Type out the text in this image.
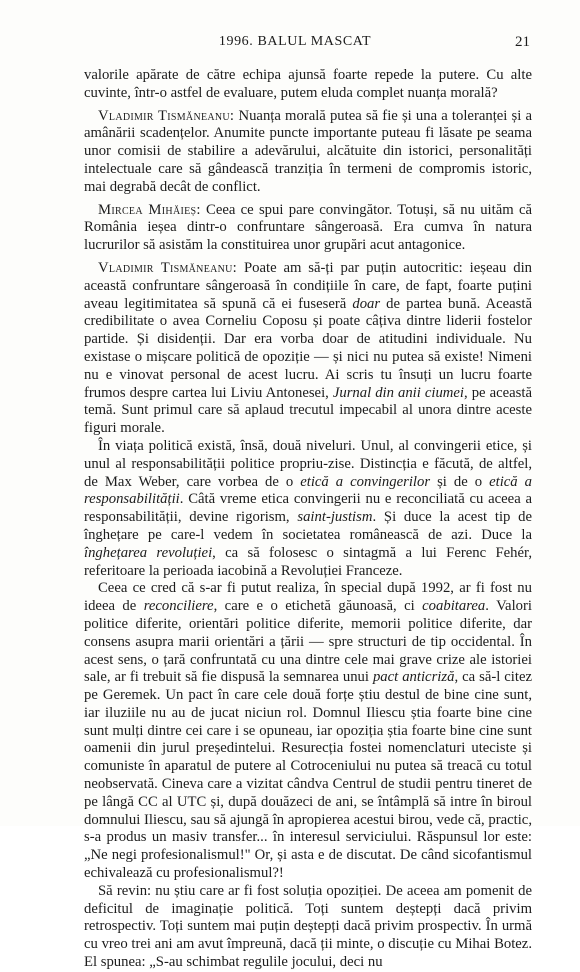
1996. BALUL MASCAT	21

valorile apărate de către echipa ajunsă foarte repede la putere. Cu alte cuvinte, într-o astfel de evaluare, putem eluda complet nuanța morală?

Vladimir Tismăneanu: Nuanța morală putea să fie și una a toleranței și a amânării scadențelor. Anumite puncte importante puteau fi lăsate pe seama unor comisii de stabilire a adevărului, alcătuite din istorici, personalități intelectuale care să gândească tranziția în termeni de compromis istoric, mai degrabă decât de conflict.

Mircea Mihăieș: Ceea ce spui pare convingător. Totuși, să nu uităm că România ieșea dintr-o confruntare sângeroasă. Era cumva în natura lucrurilor să asistăm la constituirea unor grupări acut antagonice.

Vladimir Tismăneanu: Poate am să-ți par puțin autocritic: ieșeau din această confruntare sângeroasă în condițiile în care, de fapt, foarte puțini aveau legitimitatea să spună că ei fuseseră doar de partea bună. Această credibilitate o avea Corneliu Coposu și poate câțiva dintre liderii fostelor partide. Și disidenții. Dar era vorba doar de atitudini individuale. Nu existase o mișcare politică de opoziție — și nici nu putea să existe! Nimeni nu e vinovat personal de acest lucru. Ai scris tu însuți un lucru foarte frumos despre cartea lui Liviu Antonesei, Jurnal din anii ciumei, pe această temă. Sunt primul care să aplaud trecutul impecabil al unora dintre aceste figuri morale.

În viața politică există, însă, două niveluri. Unul, al convingerii etice, și unul al responsabilității politice propriu-zise. Distincția e făcută, de altfel, de Max Weber, care vorbea de o etică a convingerilor și de o etică a responsabilității. Câtă vreme etica convingerii nu e reconciliată cu aceea a responsabilității, devine rigorism, saint-justism. Și duce la acest tip de înghețare pe care-l vedem în societatea românească de azi. Duce la înghețarea revoluției, ca să folosesc o sintagmă a lui Ferenc Fehér, referitoare la perioada iacobină a Revoluției Franceze.

Ceea ce cred că s-ar fi putut realiza, în special după 1992, ar fi fost nu ideea de reconciliere, care e o etichetă găunoasă, ci coabitarea. Valori politice diferite, orientări politice diferite, memorii politice diferite, dar consens asupra marii orientări a țării — spre structuri de tip occidental. În acest sens, o țară confruntată cu una dintre cele mai grave crize ale istoriei sale, ar fi trebuit să fie dispusă la semnarea unui pact anticriză, ca să-l citez pe Geremek. Un pact în care cele două forțe știu destul de bine cine sunt, iar iluziile nu au de jucat niciun rol. Domnul Iliescu știa foarte bine cine sunt mulți dintre cei care i se opuneau, iar opoziția știa foarte bine cine sunt oamenii din jurul președintelui. Resurecția fostei nomenclaturi uteciste și comuniste în aparatul de putere al Cotroceniului nu putea să treacă cu totul neobservată. Cineva care a vizitat cândva Centrul de studii pentru tineret de pe lângă CC al UTC și, după douăzeci de ani, se întâmplă să intre în biroul domnului Iliescu, sau să ajungă în apropierea acestui birou, vede că, practic, s-a produs un masiv transfer... în interesul serviciului. Răspunsul lor este: „Ne negi profesionalismul!" Or, și asta e de discutat. De când sicofantismul echivalează cu profesionalismul?!

Să revin: nu știu care ar fi fost soluția opoziției. De aceea am pomenit de deficitul de imaginație politică. Toți suntem deștepți dacă privim retrospectiv. Toți suntem mai puțin deștepți dacă privim prospectiv. În urmă cu vreo trei ani am avut împreună, dacă ții minte, o discuție cu Mihai Botez. El spunea: „S-au schimbat regulile jocului, deci nu
